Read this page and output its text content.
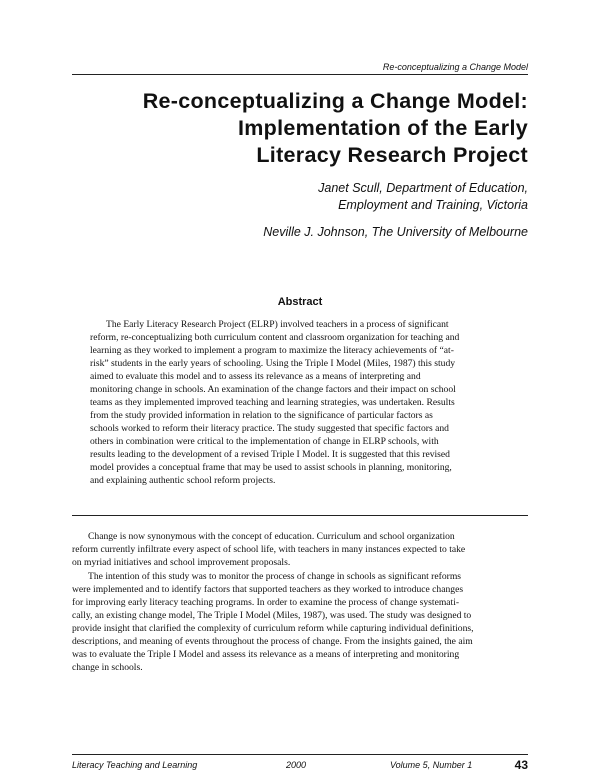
Re-conceptualizing a Change Model
Re-conceptualizing a Change Model:
Implementation of the Early
Literacy Research Project
Janet Scull, Department of Education,
Employment and Training, Victoria
Neville J. Johnson, The University of Melbourne
Abstract
The Early Literacy Research Project (ELRP) involved teachers in a process of significant
reform, re-conceptualizing both curriculum content and classroom organization for teaching and
learning as they worked to implement a program to maximize the literacy achievements of “at-
risk” students in the early years of schooling. Using the Triple I Model (Miles, 1987) this study
aimed to evaluate this model and to assess its relevance as a means of interpreting and
monitoring change in schools. An examination of the change factors and their impact on school
teams as they implemented improved teaching and learning strategies, was undertaken. Results
from the study provided information in relation to the significance of particular factors as
schools worked to reform their literacy practice. The study suggested that specific factors and
others in combination were critical to the implementation of change in ELRP schools, with
results leading to the development of a revised Triple I Model. It is suggested that this revised
model provides a conceptual frame that may be used to assist schools in planning, monitoring,
and explaining authentic school reform projects.
Change is now synonymous with the concept of education. Curriculum and school organization
reform currently infiltrate every aspect of school life, with teachers in many instances expected to take
on myriad initiatives and school improvement proposals.
The intention of this study was to monitor the process of change in schools as significant reforms
were implemented and to identify factors that supported teachers as they worked to introduce changes
for improving early literacy teaching programs. In order to examine the process of change systemati-
cally, an existing change model, The Triple I Model (Miles, 1987), was used. The study was designed to
provide insight that clarified the complexity of curriculum reform while capturing individual definitions,
descriptions, and meaning of events throughout the process of change. From the insights gained, the aim
was to evaluate the Triple I Model and assess its relevance as a means of interpreting and monitoring
change in schools.
Literacy Teaching and Learning	2000	Volume 5, Number 1	43
